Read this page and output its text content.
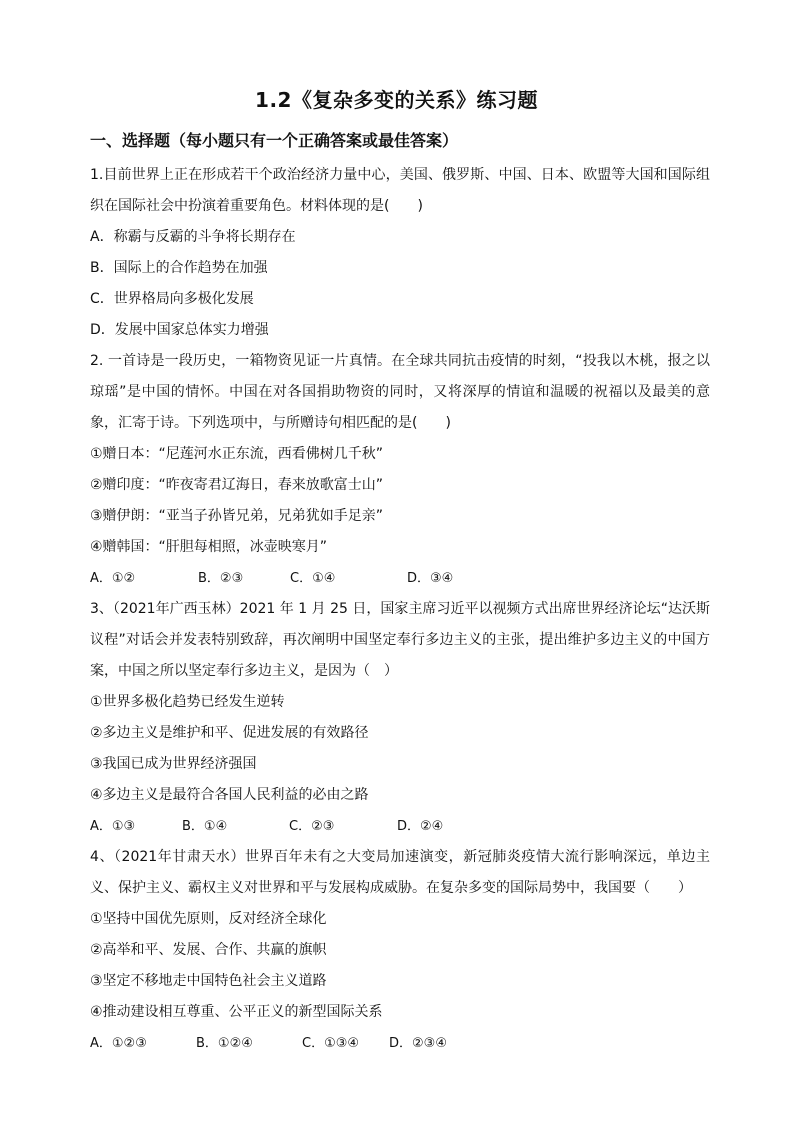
1.2《复杂多变的关系》练习题
一、选择题（每小题只有一个正确答案或最佳答案）
1.目前世界上正在形成若干个政治经济力量中心，美国、俄罗斯、中国、日本、欧盟等大国和国际组织在国际社会中扮演着重要角色。材料体现的是(　　)
A．称霸与反霸的斗争将长期存在
B．国际上的合作趋势在加强
C．世界格局向多极化发展
D．发展中国家总体实力增强
2. 一首诗是一段历史，一箱物资见证一片真情。在全球共同抗击疫情的时刻，“投我以木桃，报之以琼瑶”是中国的情怀。中国在对各国捐助物资的同时，又将深厚的情谊和温暖的祝福以及最美的意象，汇寄于诗。下列选项中，与所赠诗句相匹配的是(　　)
①赠日本：“尼莲河水正东流，西看佛树几千秋”
②赠印度：“昨夜寄君辽海日，春来放歌富士山”
③赠伊朗：“亚当子孙皆兄弟，兄弟犹如手足亲”
④赠韩国：“肝胆每相照，冰壶映寒月”
A．①②	B．②③	C．①④	D．③④
3、（2021年广西玉林）2021 年 1 月 25 日，国家主席习近平以视频方式出席世界经济论坛“达沃斯议程”对话会并发表特别致辞，再次阐明中国坚定奉行多边主义的主张，提出维护多边主义的中国方案，中国之所以坚定奉行多边主义，是因为（　）
①世界多极化趋势已经发生逆转
②多边主义是维护和平、促进发展的有效路径
③我国已成为世界经济强国
④多边主义是最符合各国人民利益的必由之路
A．①③	B．①④	C．②③	D．②④
4、（2021年甘肃天水）世界百年未有之大变局加速演变，新冠肺炎疫情大流行影响深远，单边主义、保护主义、霸权主义对世界和平与发展构成威胁。在复杂多变的国际局势中，我国要（　　）
①坚持中国优先原则，反对经济全球化
②高举和平、发展、合作、共赢的旗帜
③坚定不移地走中国特色社会主义道路
④推动建设相互尊重、公平正义的新型国际关系
A．①②③	B．①②④	C．①③④	D．②③④
